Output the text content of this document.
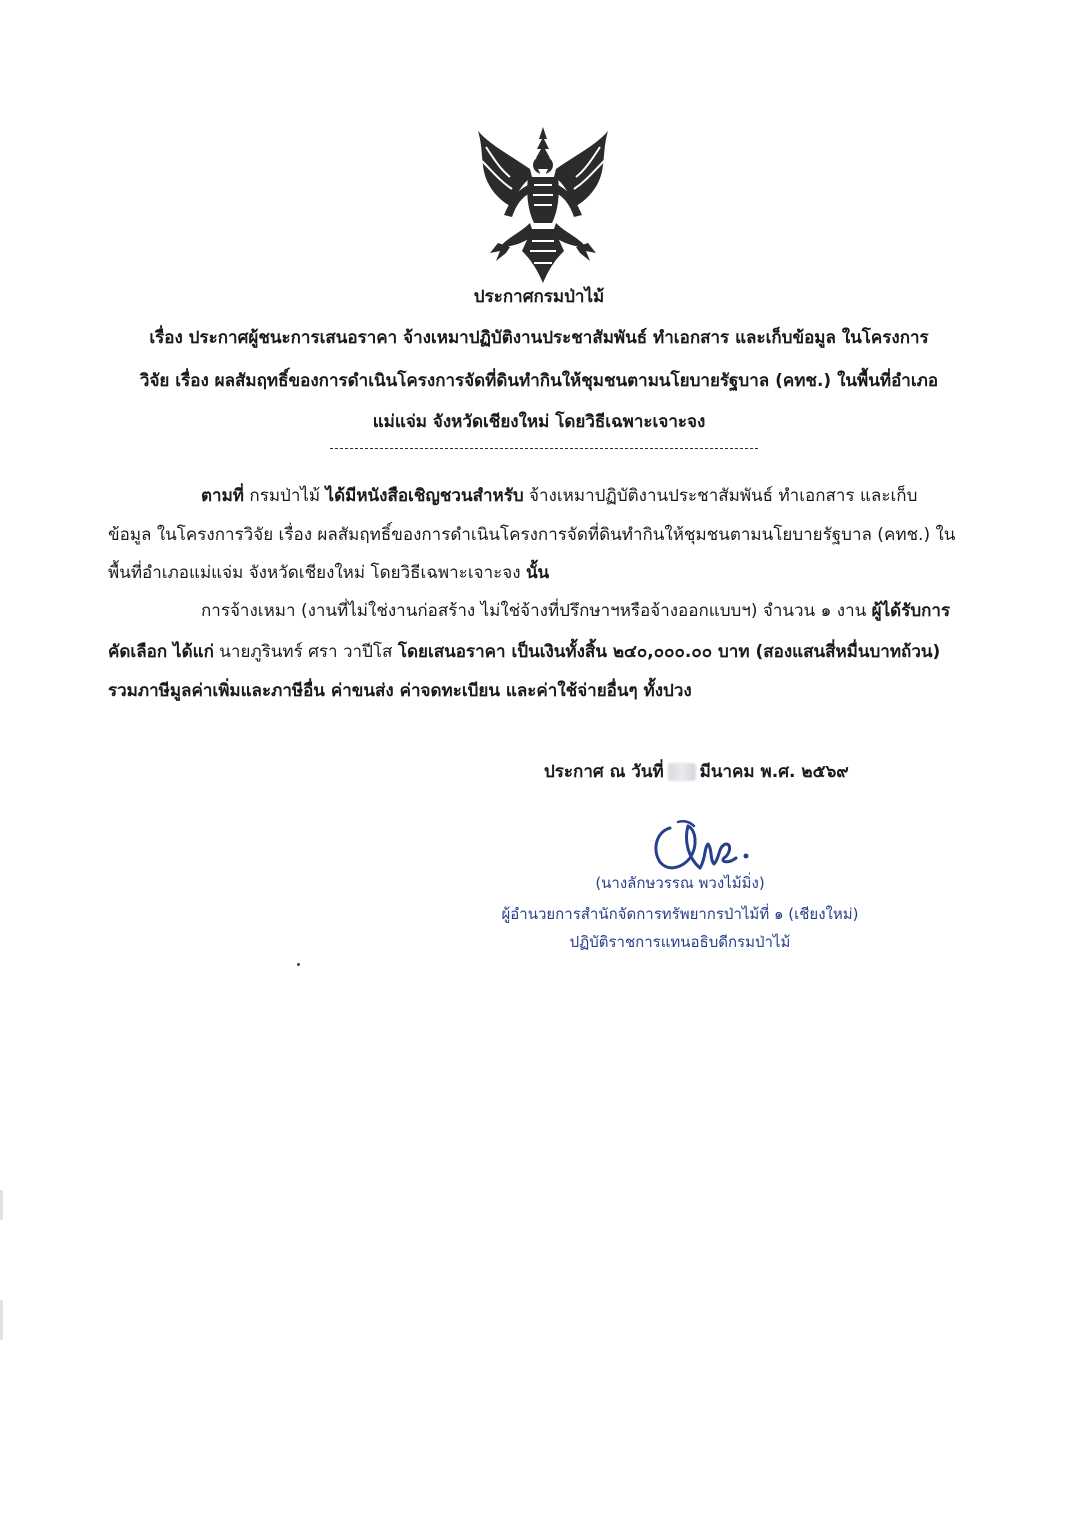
ประกาศกรมป่าไม้
เรื่อง ประกาศผู้ชนะการเสนอราคา จ้างเหมาปฏิบัติงานประชาสัมพันธ์ ทำเอกสาร และเก็บข้อมูล ในโครงการ
วิจัย เรื่อง ผลสัมฤทธิ์ของการดำเนินโครงการจัดที่ดินทำกินให้ชุมชนตามนโยบายรัฐบาล (คทช.) ในพื้นที่อำเภอ
แม่แจ่ม จังหวัดเชียงใหม่ โดยวิธีเฉพาะเจาะจง
ตามที่ กรมป่าไม้ ได้มีหนังสือเชิญชวนสำหรับ จ้างเหมาปฏิบัติงานประชาสัมพันธ์ ทำเอกสาร และเก็บ
ข้อมูล ในโครงการวิจัย เรื่อง ผลสัมฤทธิ์ของการดำเนินโครงการจัดที่ดินทำกินให้ชุมชนตามนโยบายรัฐบาล (คทช.) ใน
พื้นที่อำเภอแม่แจ่ม จังหวัดเชียงใหม่ โดยวิธีเฉพาะเจาะจง นั้น
การจ้างเหมา (งานที่ไม่ใช่งานก่อสร้าง ไม่ใช่จ้างที่ปรึกษาฯหรือจ้างออกแบบฯ) จำนวน ๑ งาน ผู้ได้รับการ
คัดเลือก ได้แก่ นายภูรินทร์ ศรา วาปีโส โดยเสนอราคา เป็นเงินทั้งสิ้น ๒๔๐,๐๐๐.๐๐ บาท (สองแสนสี่หมื่นบาทถ้วน)
รวมภาษีมูลค่าเพิ่มและภาษีอื่น ค่าขนส่ง ค่าจดทะเบียน และค่าใช้จ่ายอื่นๆ ทั้งปวง
ประกาศ ณ วันที่ มีนาคม พ.ศ. ๒๕๖๙
(นางลักษวรรณ พวงไม้มิ่ง)
ผู้อำนวยการสำนักจัดการทรัพยากรป่าไม้ที่ ๑ (เชียงใหม่)
ปฏิบัติราชการแทนอธิบดีกรมป่าไม้
